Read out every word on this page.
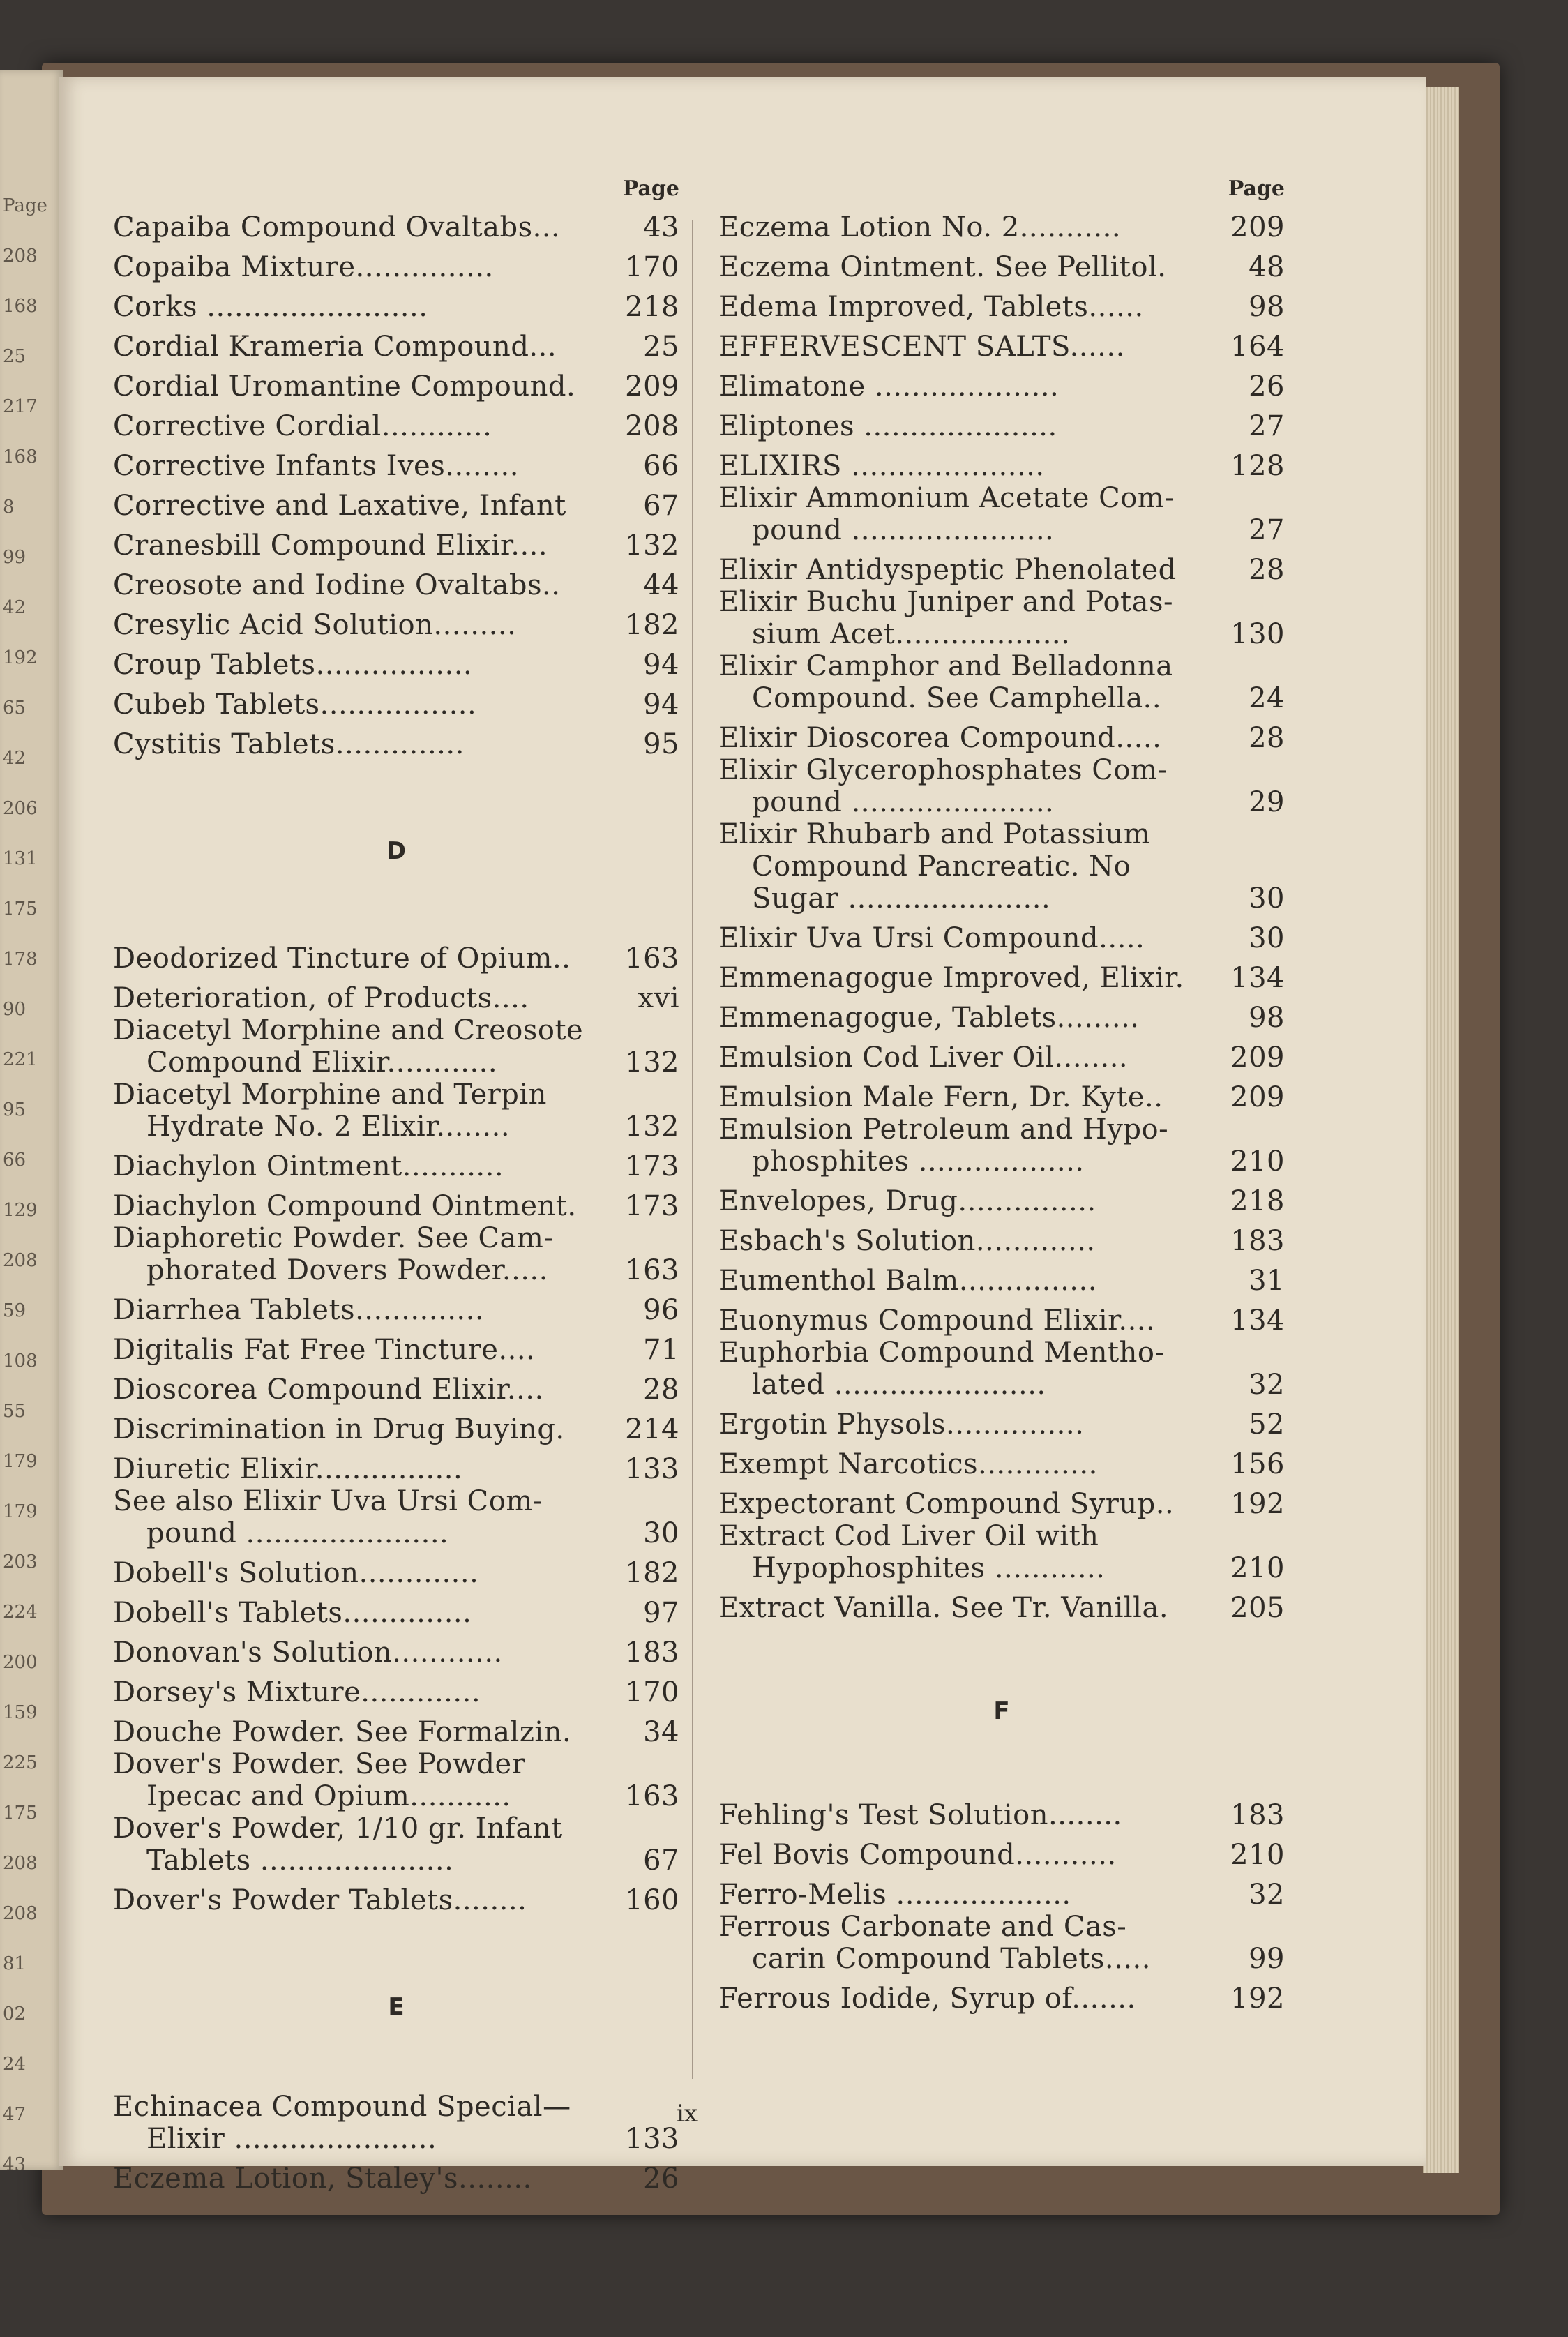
Page
208
168
25
217
168
8
99
42
192
65
42
206
131
175
178
90
221
95
66
129
208
59
108
55
179
179
203
224
200
159
225
175
208
208
81
02
24
47
43
Page
Capaiba Compound Ovaltabs...	43
Copaiba Mixture...............	170
Corks ........................	218
Cordial Krameria Compound...	25
Cordial Uromantine Compound.	209
Corrective Cordial............	208
Corrective Infants Ives........	66
Corrective and Laxative, Infant	67
Cranesbill Compound Elixir....	132
Creosote and Iodine Ovaltabs..	44
Cresylic Acid Solution.........	182
Croup Tablets.................	94
Cubeb Tablets.................	94
Cystitis Tablets..............	95
D
Deodorized Tincture of Opium..	163
Deterioration, of Products....	xvi
Diacetyl Morphine and Creosote
Compound Elixir............	132
Diacetyl Morphine and Terpin
Hydrate No. 2 Elixir........	132
Diachylon Ointment...........	173
Diachylon Compound Ointment.	173
Diaphoretic Powder. See Cam-
phorated Dovers Powder.....	163
Diarrhea Tablets..............	96
Digitalis Fat Free Tincture....	71
Dioscorea Compound Elixir....	28
Discrimination in Drug Buying.	214
Diuretic Elixir................	133
See also Elixir Uva Ursi Com-
pound ......................	30
Dobell's Solution.............	182
Dobell's Tablets..............	97
Donovan's Solution............	183
Dorsey's Mixture.............	170
Douche Powder. See Formalzin.	34
Dover's Powder. See Powder
Ipecac and Opium...........	163
Dover's Powder, 1/10 gr. Infant
Tablets .....................	67
Dover's Powder Tablets........	160
E
Echinacea Compound Special—
Elixir ......................	133
Eczema Lotion, Staley's........	26
Page
Eczema Lotion No. 2...........	209
Eczema Ointment. See Pellitol.	48
Edema Improved, Tablets......	98
EFFERVESCENT SALTS......	164
Elimatone ....................	26
Eliptones .....................	27
ELIXIRS .....................	128
Elixir Ammonium Acetate Com-
pound ......................	27
Elixir Antidyspeptic Phenolated	28
Elixir Buchu Juniper and Potas-
sium Acet...................	130
Elixir Camphor and Belladonna
Compound. See Camphella..	24
Elixir Dioscorea Compound.....	28
Elixir Glycerophosphates Com-
pound ......................	29
Elixir Rhubarb and Potassium
Compound Pancreatic. No
Sugar ......................	30
Elixir Uva Ursi Compound.....	30
Emmenagogue Improved, Elixir.	134
Emmenagogue, Tablets.........	98
Emulsion Cod Liver Oil........	209
Emulsion Male Fern, Dr. Kyte..	209
Emulsion Petroleum and Hypo-
phosphites ..................	210
Envelopes, Drug...............	218
Esbach's Solution.............	183
Eumenthol Balm...............	31
Euonymus Compound Elixir....	134
Euphorbia Compound Mentho-
lated .......................	32
Ergotin Physols...............	52
Exempt Narcotics.............	156
Expectorant Compound Syrup..	192
Extract Cod Liver Oil with
Hypophosphites ............	210
Extract Vanilla. See Tr. Vanilla.	205
F
Fehling's Test Solution........	183
Fel Bovis Compound...........	210
Ferro-Melis ...................	32
Ferrous Carbonate and Cas-
carin Compound Tablets.....	99
Ferrous Iodide, Syrup of.......	192
ix
